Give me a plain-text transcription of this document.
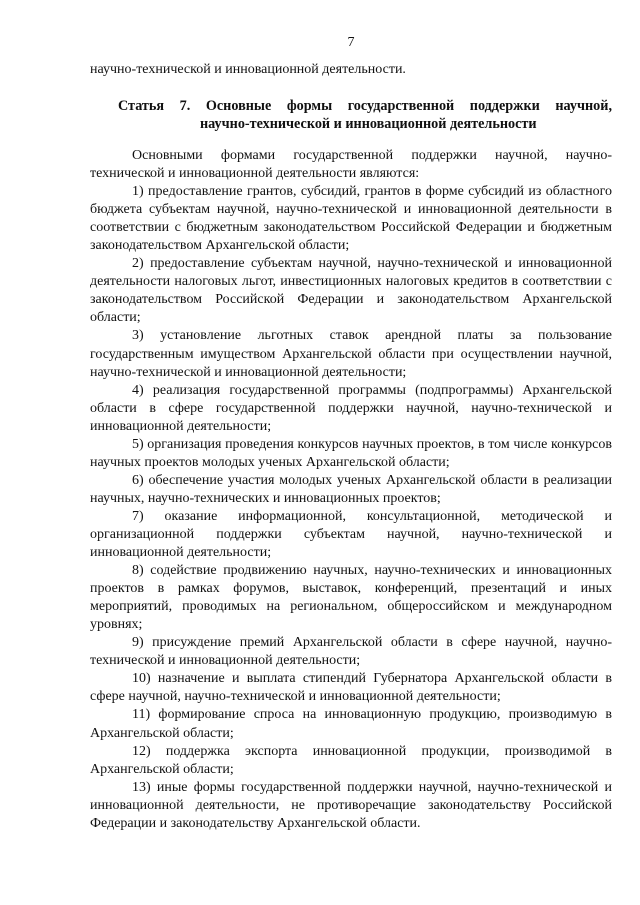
7
научно-технической и инновационной деятельности.
Статья 7. Основные формы государственной поддержки научной,
научно-технической и инновационной деятельности

Основными формами государственной поддержки научной, научно-технической и инновационной деятельности являются:

1) предоставление грантов, субсидий, грантов в форме субсидий из областного бюджета субъектам научной, научно-технической и инновационной деятельности в соответствии с бюджетным законодательством Российской Федерации и бюджетным законодательством Архангельской области;

2) предоставление субъектам научной, научно-технической и инновационной деятельности налоговых льгот, инвестиционных налоговых кредитов в соответствии с законодательством Российской Федерации и законодательством Архангельской области;

3) установление льготных ставок арендной платы за пользование государственным имуществом Архангельской области при осуществлении научной, научно-технической и инновационной деятельности;

4) реализация государственной программы (подпрограммы) Архангельской области в сфере государственной поддержки научной, научно-технической и инновационной деятельности;

5) организация проведения конкурсов научных проектов, в том числе конкурсов научных проектов молодых ученых Архангельской области;

6) обеспечение участия молодых ученых Архангельской области в реализации научных, научно-технических и инновационных проектов;

7) оказание информационной, консультационной, методической и организационной поддержки субъектам научной, научно-технической и инновационной деятельности;

8) содействие продвижению научных, научно-технических и инновационных проектов в рамках форумов, выставок, конференций, презентаций и иных мероприятий, проводимых на региональном, общероссийском и международном уровнях;

9) присуждение премий Архангельской области в сфере научной, научно-технической и инновационной деятельности;

10) назначение и выплата стипендий Губернатора Архангельской области в сфере научной, научно-технической и инновационной деятельности;

11) формирование спроса на инновационную продукцию, производимую в Архангельской области;

12) поддержка экспорта инновационной продукции, производимой в Архангельской области;

13) иные формы государственной поддержки научной, научно-технической и инновационной деятельности, не противоречащие законодательству Российской Федерации и законодательству Архангельской области.
